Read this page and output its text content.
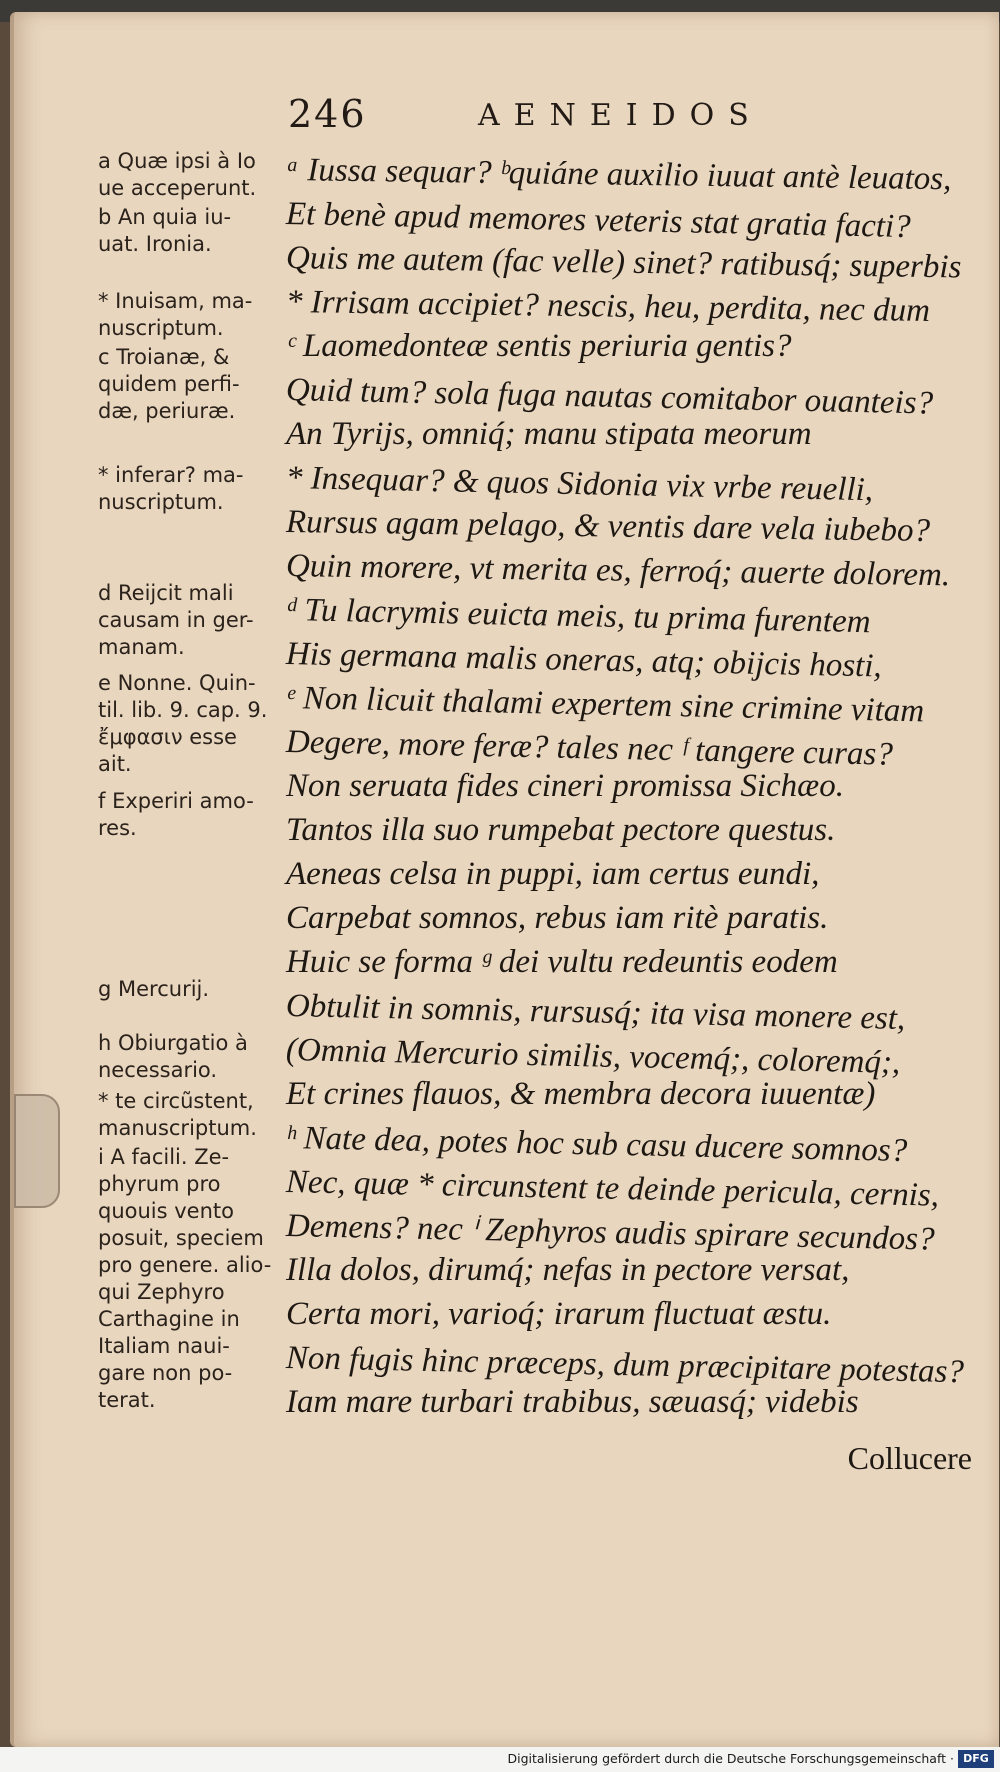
246	AENEIDOS
a Quæ ipsi à Io
ue acceperunt.
b An quia iu-
uat. Ironia.
* Inuisam, ma-
nuscriptum.
c Troianæ, &
quidem perfi-
dæ, periuræ.
* inferar? ma-
nuscriptum.
d Reijcit mali
causam in ger-
manam.
e Nonne. Quin-
til. lib. 9. cap. 9.
ἔμφασιν esse
ait.
f Experiri amo-
res.
g Mercurij.
h Obiurgatio à
necessario.
* te circũstent,
manuscriptum.
i A facili. Ze-
phyrum pro
quouis vento
posuit, speciem
pro genere. alio-
qui Zephyro
Carthagine in
Italiam naui-
gare non po-
terat.
ᵃ Iussa sequar? ᵇquiáne auxilio iuuat antè leuatos,
Et benè apud memores veteris stat gratia facti?
Quis me autem (fac velle) sinet? ratibusq́; superbis
* Irrisam accipiet? nescis, heu, perdita, nec dum
ᶜ Laomedonteæ sentis periuria gentis?
Quid tum? sola fuga nautas comitabor ouanteis?
An Tyrijs, omniq́; manu stipata meorum
* Insequar? & quos Sidonia vix vrbe reuelli,
Rursus agam pelago, & ventis dare vela iubebo?
Quin morere, vt merita es, ferroq́; auerte dolorem.
ᵈ Tu lacrymis euicta meis, tu prima furentem
His germana malis oneras, atq; obijcis hosti,
ᵉ Non licuit thalami expertem sine crimine vitam
Degere, more feræ? tales nec ᶠ tangere curas?
Non seruata fides cineri promissa Sichæo.
Tantos illa suo rumpebat pectore questus.
Aeneas celsa in puppi, iam certus eundi,
Carpebat somnos, rebus iam ritè paratis.
Huic se forma ᵍ dei vultu redeuntis eodem
Obtulit in somnis, rursusq́; ita visa monere est,
(Omnia Mercurio similis, vocemq́;, coloremq́;,
Et crines flauos, & membra decora iuuentæ)
ʰ Nate dea, potes hoc sub casu ducere somnos?
Nec, quæ * circunstent te deinde pericula, cernis,
Demens? nec ⁱ Zephyros audis spirare secundos?
Illa dolos, dirumq́; nefas in pectore versat,
Certa mori, varioq́; irarum fluctuat æstu.
Non fugis hinc præceps, dum præcipitare potestas?
Iam mare turbari trabibus, sæuasq́; videbis
Collucere
Digitalisierung gefördert durch die Deutsche Forschungsgemeinschaft · DFG
